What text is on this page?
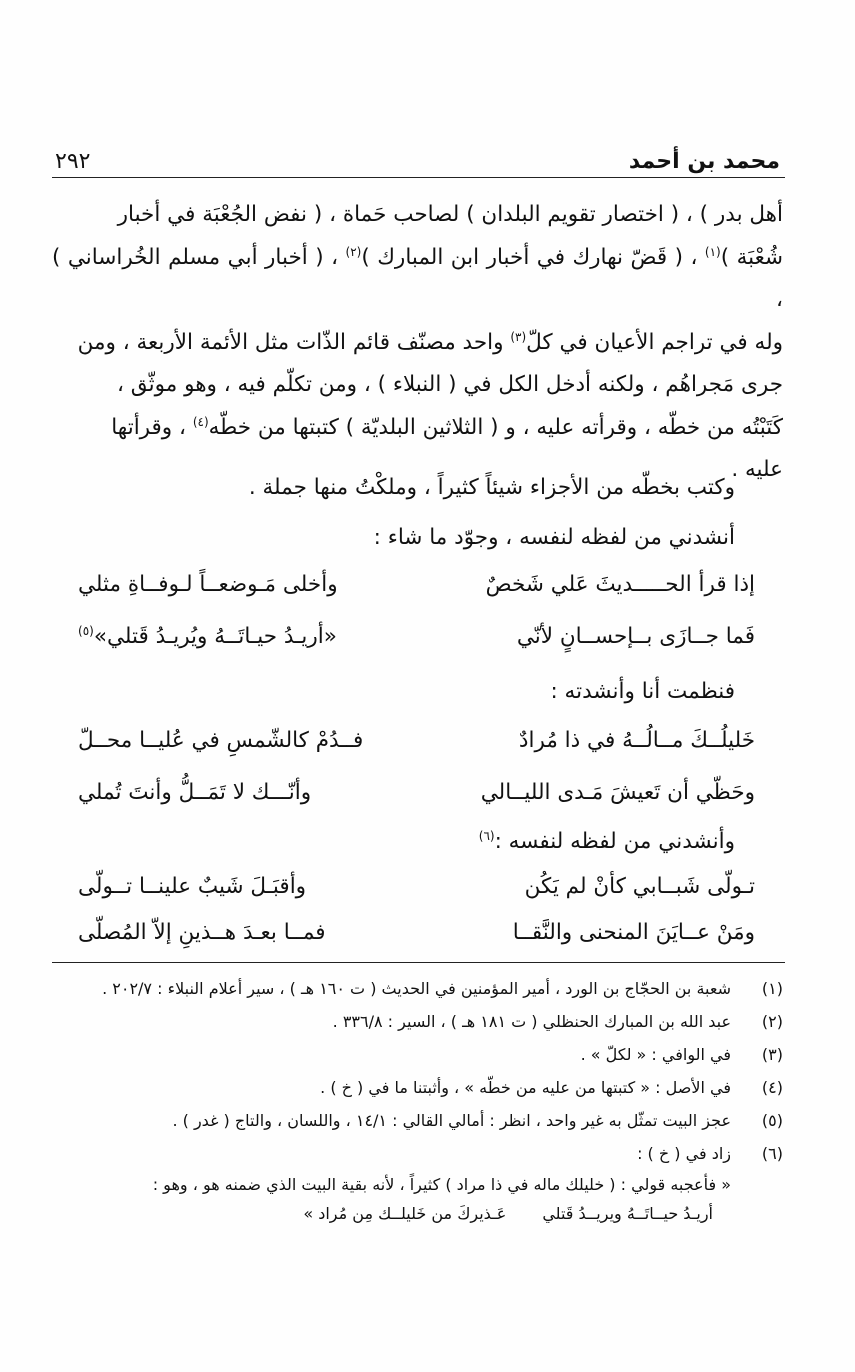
محمد بن أحمد
٢٩٢

أهل بدر ) ، ( اختصار تقويم البلدان ) لصاحب حَماة ، ( نفض الجُعْبَة في أخبار

شُعْبَة )$^{(١)}$ ، ( قَضّ نهارك في أخبار ابن المبارك )$^{(٢)}$ ، ( أخبار أبي مسلم الخُراساني ) ،

وله في تراجم الأعيان في كلّ$^{(٣)}$ واحد مصنّف قائم الذّات مثل الأئمة الأربعة ، ومن

جرى مَجراهُم ، ولكنه أدخل الكل في ( النبلاء ) ، ومن تكلّم فيه ، وهو موثّق ،

كَتَبْتُه من خطّه ، وقرأته عليه ، و ( الثلاثين البلديّة ) كتبتها من خطّه$^{(٤)}$ ، وقرأتها

عليه .

وكتب بخطّه من الأجزاء شيئاً كثيراً ، وملكْتُ منها جملة .
أنشدني من لفظه لنفسه ، وجوّد ما شاء :
إذا قرأ الحـــــديثَ عَلي شَخصٌ
وأخلى مَـوضعــاً لـوفــاةِ مثلي
فَما جــازَى بــإحســانٍ لأنّي
«أريـدُ حيـاتَــهُ ويُريـدُ قَتلي»$^{(٥)}$
فنظمت أنا وأنشدته :
خَليلُــكَ مــالُــهُ في ذا مُرادٌ
فــدُمْ كالشّمسِ في عُليــا محــلّ
وحَظّي أن تَعيشَ مَـدى الليــالي
وأنّـــك لا تَمَــلُّ وأنتَ تُملي
وأنشدني من لفظه لنفسه :$^{(٦)}$
تـولّى شَبــابي كأنْ لم يَكُن
وأقبَـلَ شَيبٌ علينــا تــولّى
ومَنْ عــايَنَ المنحنى والنَّقــا
فمــا بعـدَ هــذينِ إلاّ المُصلّى
(١)
شعبة بن الحجّاج بن الورد ، أمير المؤمنين في الحديث ( ت ١٦٠ هـ ) ، سير أعلام النبلاء : ٢٠٢/٧ .
(٢)
عبد الله بن المبارك الحنظلي ( ت ١٨١ هـ ) ، السير : ٣٣٦/٨ .
(٣)
في الوافي : « لكلّ » .
(٤)
في الأصل : « كتبتها من عليه من خطّه » ، وأثبتنا ما في ( خ ) .
(٥)
عجز البيت تمثّل به غير واحد ، انظر : أمالي القالي : ١٤/١ ، واللسان ، والتاج ( غدر ) .
(٦)
زاد في ( خ ) :
« فأعجبه قولي : ( خليلك ماله في ذا مراد ) كثيراً ، لأنه بقية البيت الذي ضمنه هو ، وهو :
أريـدُ حيــاتَــهُ ويريــدُ قَتلي
عَـذيركَ من خَليلــك مِن مُراد »
